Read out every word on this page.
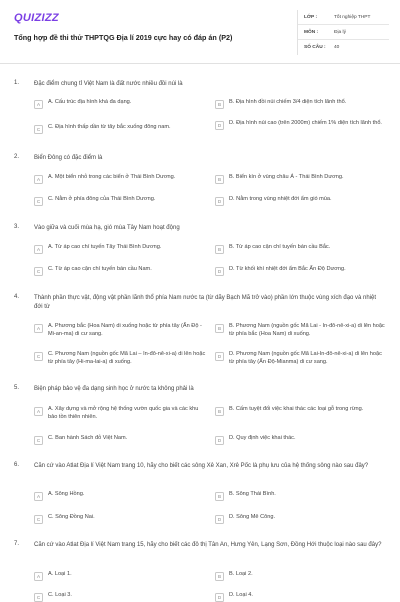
QUIZIZZ
Tổng hợp đề thi thử THPTQG Địa lí 2019 cực hay có đáp án (P2)
LỚP :	Tốt nghiệp THPT
MÔN :	Địa lý
SỐ CÂU :	40
1. Đặc điểm chung tỉ Việt Nam là đất nước nhiều đồi núi là
A	A. Cấu trúc địa hình khá đa dạng.	B	B. Địa hình đồi núi chiếm 3/4 diện tích lãnh thổ.
C	C. Địa hình thấp dần từ tây bắc xuống đông nam.	D	D. Địa hình núi cao (trên 2000m) chiếm 1% diện tích lãnh thổ.
2. Biển Đông có đặc điểm là
A	A. Một biển nhỏ trong các biển ở Thái Bình Dương.	B	B. Biển kín ở vùng châu Á - Thái Bình Dương.
C	C. Nằm ở phía đông của Thái Bình Dương.	D	D. Nằm trong vùng nhiệt đới ẩm gió mùa.
3. Vào giữa và cuối mùa hạ, gió mùa Tây Nam hoạt động
A	A. Từ áp cao chí tuyến Tây Thái Bình Dương.	B	B. Từ áp cao cận chí tuyến bán cầu Bắc.
C	C. Từ áp cao cận chí tuyến bán cầu Nam.	D	D. Từ khối khí nhiệt đới ẩm Bắc Ấn Độ Dương.
4. Thành phần thực vật, động vật phần lãnh thổ phía Nam nước ta (từ dãy Bạch Mã trở vào) phần lớn thuộc vùng xích đạo và nhiệt đới từ
A	A. Phương bắc (Hoa Nam) di xuống hoặc từ phía tây (Ấn Độ - Mi-an-ma) di cư sang.
B	B. Phương Nam (nguồn gốc Mã Lai - In-đô-nê-xi-a) di lên hoặc từ phía bắc (Hoa Nam) di xuống.
C	C. Phương Nam (nguồn gốc Mã Lai – In-đô-nê-xi-a) di lên hoặc từ phía tây (Hi-ma-lai-a) di xuống.
D	D. Phương Nam (nguồn gốc Mã Lai-In-đô-nê-xi-a) di lên hoặc từ phía tây (Ấn Độ-Mianma) di cư sang.
5. Biện pháp bảo vệ đa dạng sinh học ở nước ta không phải là
A	A. Xây dựng và mở rộng hệ thống vườn quốc gia và các khu bảo tồn thiên nhiên.
B	B. Cấm tuyệt đối việc khai thác các loại gỗ trong rừng.
C	C. Ban hành Sách đỏ Việt Nam.	D	D. Quy định việc khai thác.
6. Căn cứ vào Atlat Địa lí Việt Nam trang 10, hãy cho biết các sông Xê Xan, Xrê Pốc là phụ lưu của hệ thống sông nào sau đây?
A	A. Sông Hồng.	B	B. Sông Thái Bình.
C	C. Sông Đồng Nai.	D	D. Sông Mê Công.
7. Căn cứ vào Atlat Địa lí Việt Nam trang 15, hãy cho biết các đô thị Tân An, Hưng Yên, Lạng Sơn, Đồng Hới thuộc loại nào sau đây?
A	A. Loại 1.	B	B. Loại 2.
C	C. Loại 3.	D	D. Loại 4.
